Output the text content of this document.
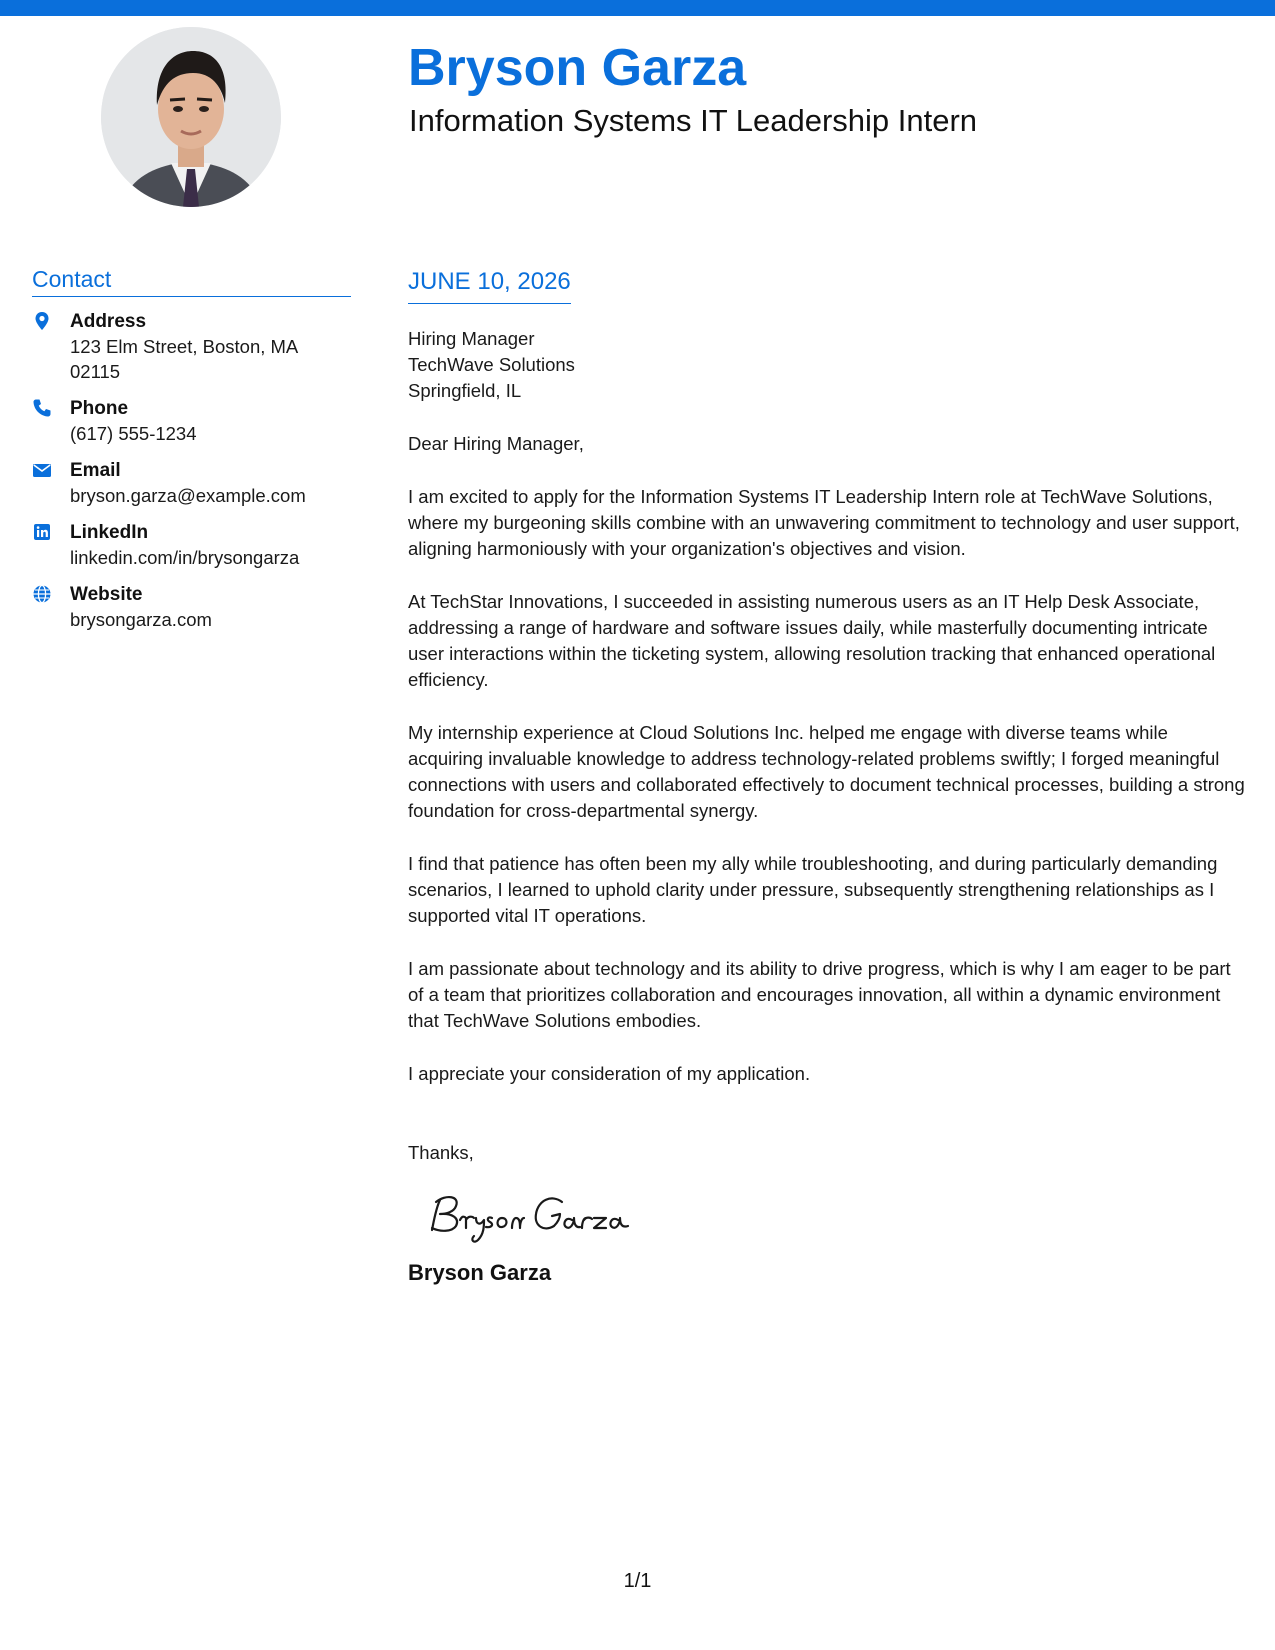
Bryson Garza
Information Systems IT Leadership Intern
Contact
Address
123 Elm Street, Boston, MA 02115
Phone
(617) 555-1234
Email
bryson.garza@example.com
LinkedIn
linkedin.com/in/brysongarza
Website
brysongarza.com
JUNE 10, 2026
Hiring Manager
TechWave Solutions
Springfield, IL
Dear Hiring Manager,

I am excited to apply for the Information Systems IT Leadership Intern role at TechWave Solutions, where my burgeoning skills combine with an unwavering commitment to technology and user support, aligning harmoniously with your organization's objectives and vision.

At TechStar Innovations, I succeeded in assisting numerous users as an IT Help Desk Associate, addressing a range of hardware and software issues daily, while masterfully documenting intricate user interactions within the ticketing system, allowing resolution tracking that enhanced operational efficiency.

My internship experience at Cloud Solutions Inc. helped me engage with diverse teams while acquiring invaluable knowledge to address technology-related problems swiftly; I forged meaningful connections with users and collaborated effectively to document technical processes, building a strong foundation for cross-departmental synergy.

I find that patience has often been my ally while troubleshooting, and during particularly demanding scenarios, I learned to uphold clarity under pressure, subsequently strengthening relationships as I supported vital IT operations.

I am passionate about technology and its ability to drive progress, which is why I am eager to be part of a team that prioritizes collaboration and encourages innovation, all within a dynamic environment that TechWave Solutions embodies.

I appreciate your consideration of my application.

Thanks,
Bryson Garza
1/1
